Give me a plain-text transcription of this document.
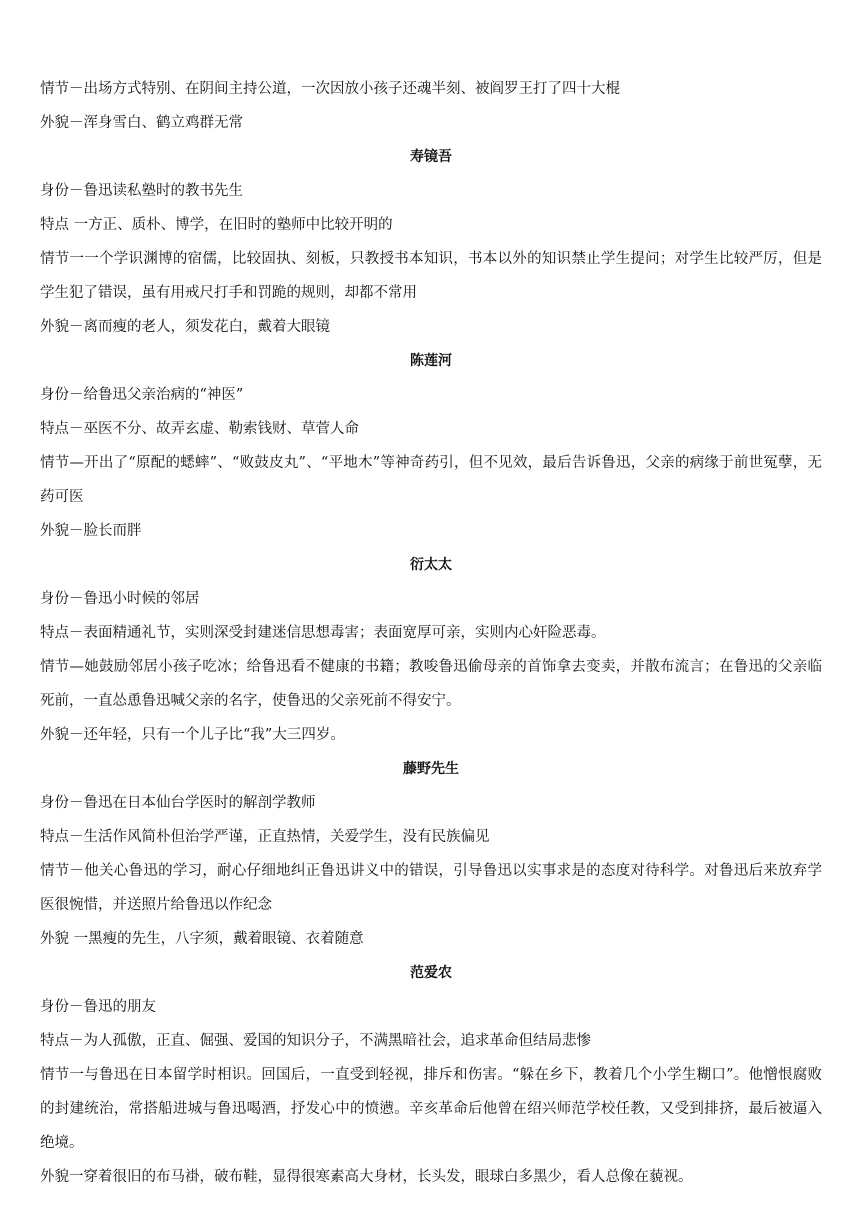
情节－出场方式特别、在阴间主持公道，一次因放小孩子还魂半刻、被阎罗王打了四十大棍

外貌－浑身雪白、鹤立鸡群无常

寿镜吾

身份－鲁迅读私塾时的教书先生

特点 一方正、质朴、博学，在旧时的塾师中比较开明的

情节一一个学识渊博的宿儒，比较固执、刻板，只教授书本知识，书本以外的知识禁止学生提问；对学生比较严厉，但是学生犯了错误，虽有用戒尺打手和罚跪的规则，却都不常用

外貌－离而瘦的老人，须发花白，戴着大眼镜

陈莲河

身份－给鲁迅父亲治病的“神医”

特点－巫医不分、故弄玄虚、勒索钱财、草菅人命

情节—开出了“原配的蟋蟀”、“败鼓皮丸”、“平地木”等神奇药引，但不见效，最后告诉鲁迅，父亲的病缘于前世冤孽，无药可医

外貌－脸长而胖

衍太太

身份－鲁迅小时候的邻居

特点－表面精通礼节，实则深受封建迷信思想毒害；表面宽厚可亲，实则内心奸险恶毒。

情节—她鼓励邻居小孩子吃冰；给鲁迅看不健康的书籍；教唆鲁迅偷母亲的首饰拿去变卖，并散布流言；在鲁迅的父亲临死前，一直怂恿鲁迅喊父亲的名字，使鲁迅的父亲死前不得安宁。

外貌－还年轻，只有一个儿子比“我”大三四岁。

藤野先生

身份－鲁迅在日本仙台学医时的解剖学教师

特点－生活作风简朴但治学严谨，正直热情，关爱学生，没有民族偏见

情节－他关心鲁迅的学习，耐心仔细地纠正鲁迅讲义中的错误，引导鲁迅以实事求是的态度对待科学。对鲁迅后来放弃学医很惋惜，并送照片给鲁迅以作纪念

外貌 一黑瘦的先生，八字须，戴着眼镜、衣着随意

范爱农

身份－鲁迅的朋友

特点－为人孤傲，正直、倔强、爱国的知识分子，不满黑暗社会，追求革命但结局悲惨

情节一与鲁迅在日本留学时相识。回国后，一直受到轻视，排斥和伤害。“躲在乡下，教着几个小学生糊口”。他憎恨腐败的封建统治，常搭船进城与鲁迅喝酒，抒发心中的愤懑。辛亥革命后他曾在绍兴师范学校任教，又受到排挤，最后被逼入绝境。

外貌一穿着很旧的布马褂，破布鞋，显得很寒素高大身材，长头发，眼球白多黑少，看人总像在藐视。
